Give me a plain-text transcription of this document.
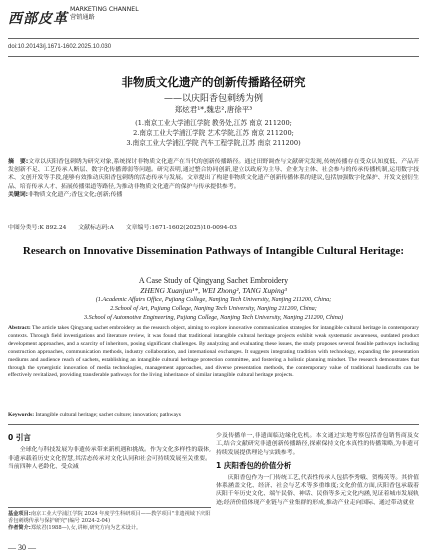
西部皮革
MARKETING CHANNEL
营销通路
doi:10.20143/j.1671-1602.2025.10.030
非物质文化遗产的创新传播路径研究
——以庆阳香包刺绣为例
郑炫君¹*,魏忠²,唐徐平³
(1.南京工业大学浦江学院 教务处,江苏 南京 211200;
2.南京工业大学浦江学院 艺术学院,江苏 南京 211200;
3.南京工业大学浦江学院 汽车工程学院,江苏 南京 211200)
摘　要:文章以庆阳香包刺绣为研究对象,系统探讨非物质文化遗产在当代的创新传播路径。通过田野调查与文献研究发现,传统传播存在受众认知度低、产品开发创新不足、工艺传承人断层、数字化传播薄弱等问题。研究表明,通过整合协同创新,建立以政府为主导、企业为主体、社会参与的传承传播机制,运用数字技术、文创开发等手段,能够有效推动庆阳香包刺绣的活态传承与发展。文章提出了构建非物质文化遗产创新传播体系的建议,包括加强数字化保护、开发文创衍生品、培育传承人才、拓展传播渠道等路径,为推动非物质文化遗产的保护与传承提供参考。
关键词:非物质文化遗产;香包文化;创新;传播
中图分类号:K 892.24 文献标志码:A 文章编号:1671-1602(2025)10-0094-03
Research on Innovative Dissemination Pathways of Intangible Cultural Heritage:
A Case Study of Qingyang Sachet Embroidery
ZHENG Xuanjun¹*, WEI Zhong², TANG Xuping³
(1.Academic Affairs Office, Pujiang College, Nanjing Tech University, Nanjing 211200, China;
2.School of Art, Pujiang College, Nanjing Tech University, Nanjing 211200, China;
3.School of Automotive Engineering, Pujiang College, Nanjing Tech University, Nanjing 211200, China)
Abstract: The article takes Qingyang sachet embroidery as the research object, aiming to explore innovative communication strategies for intangible cultural heritage in contemporary contexts. Through field investigations and literature review, it was found that traditional intangible cultural heritage projects exhibit weak systematic awareness, outdated product development approaches, and a scarcity of inheritors, posing significant challenges. By analyzing and evaluating these issues, the study proposes several feasible pathways including construction approaches, communication methods, industry collaboration, and international exchanges. It suggests integrating tradition with technology, expanding the presentation mediums and audience reach of sachets, establishing an intangible cultural heritage protection committee, and fostering a holistic planning mindset. The research demonstrates that through the synergistic innovation of media technologies, management approaches, and diverse presentation methods, the contemporary value of traditional handicrafts can be effectively revitalized, providing transferable pathways for the living inheritance of similar intangible cultural heritage projects.
Keywords: Intangible cultural heritage; sachet culture; innovation; pathways
0 引言

全球化与科技发展为非遗传承带来新机遇和挑战。作为文化多样性的载体,非遗承载着历史文化智慧,其活态传承对文化认同和社会可持续发展至关重要。当前四种人老龄化、受众减

基金项目:南京工业大学浦江学院 2024 年度学生科研项目——教学项目"非遗视域下庆阳香包刺绣传承与保护研究"(编号 2024-2-04)
作者简介:郑炫君(1988—),女,讲师,研究方向为艺术设计。

少及传播单一,非遗面临边缘化危机。本文通过实地考察包括香包销售商及女工,结合文献研究非遗创新传播路径,探索保持文化本真性的传播策略,为非遗可持续发展提供理论与实践参考。

1 庆阳香包的价值分析

庆阳香包作为一门传统工艺,代表性传承人包括李秀娥、贺梅英等。其价值体系涵盖文化、经济、社会与艺术等多重维度;文化价值方面,庆阳香包承载着庆阳千年历史文化、端午民俗、神话、民俗等多元文化内涵,见证着城市发展轨迹;经济价值体现产业链与产业集群的形成,推动产业走向国际、通过带动就业

— 30 —
